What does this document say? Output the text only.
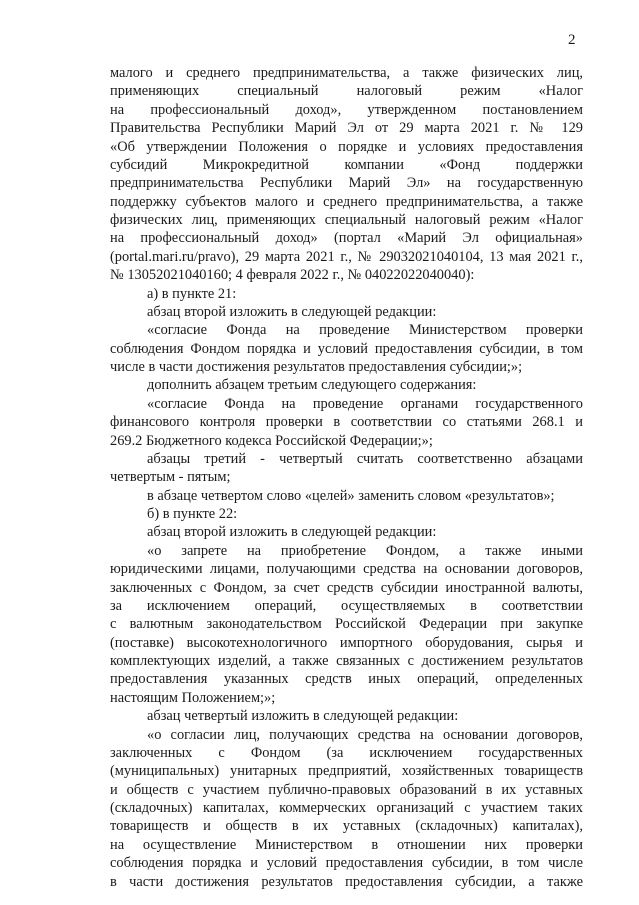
2
малого и среднего предпринимательства, а также физических лиц,
применяющих специальный налоговый режим «Налог
на профессиональный доход», утвержденном постановлением
Правительства Республики Марий Эл от 29 марта 2021 г. № 129
«Об утверждении Положения о порядке и условиях предоставления
субсидий Микрокредитной компании «Фонд поддержки
предпринимательства Республики Марий Эл» на государственную
поддержку субъектов малого и среднего предпринимательства, а также
физических лиц, применяющих специальный налоговый режим «Налог
на профессиональный доход» (портал «Марий Эл официальная»
(portal.mari.ru/pravo), 29 марта 2021 г., № 29032021040104, 13 мая 2021 г.,
№ 13052021040160; 4 февраля 2022 г., № 04022022040040):
а) в пункте 21:
абзац второй изложить в следующей редакции:
«согласие Фонда на проведение Министерством проверки
соблюдения Фондом порядка и условий предоставления субсидии, в том
числе в части достижения результатов предоставления субсидии;»;
дополнить абзацем третьим следующего содержания:
«согласие Фонда на проведение органами государственного
финансового контроля проверки в соответствии со статьями 268.1 и
269.2 Бюджетного кодекса Российской Федерации;»;
абзацы третий - четвертый считать соответственно абзацами
четвертым - пятым;
в абзаце четвертом слово «целей» заменить словом «результатов»;
б) в пункте 22:
абзац второй изложить в следующей редакции:
«о запрете на приобретение Фондом, а также иными
юридическими лицами, получающими средства на основании договоров,
заключенных с Фондом, за счет средств субсидии иностранной валюты,
за исключением операций, осуществляемых в соответствии
с валютным законодательством Российской Федерации при закупке
(поставке) высокотехнологичного импортного оборудования, сырья и
комплектующих изделий, а также связанных с достижением результатов
предоставления указанных средств иных операций, определенных
настоящим Положением;»;
абзац четвертый изложить в следующей редакции:
«о согласии лиц, получающих средства на основании договоров,
заключенных с Фондом (за исключением государственных
(муниципальных) унитарных предприятий, хозяйственных товариществ
и обществ с участием публично-правовых образований в их уставных
(складочных) капиталах, коммерческих организаций с участием таких
товариществ и обществ в их уставных (складочных) капиталах),
на осуществление Министерством в отношении них проверки
соблюдения порядка и условий предоставления субсидии, в том числе
в части достижения результатов предоставления субсидии, а также
